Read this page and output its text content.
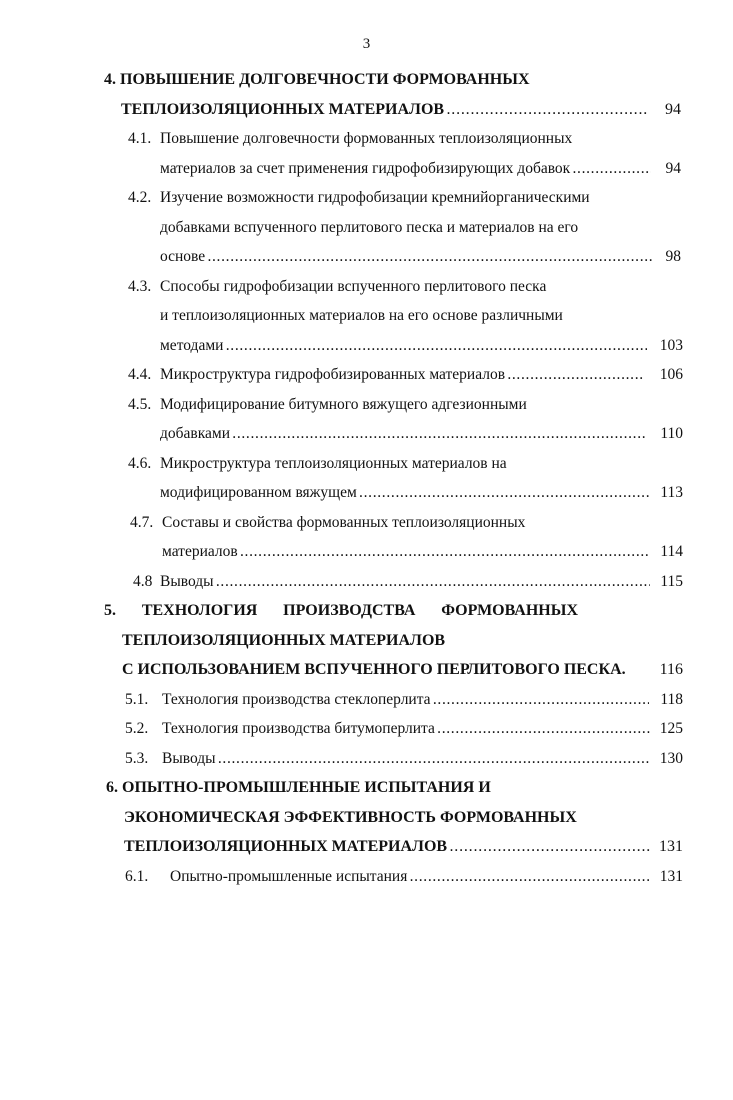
3
4. ПОВЫШЕНИЕ ДОЛГОВЕЧНОСТИ ФОРМОВАННЫХ
ТЕПЛОИЗОЛЯЦИОННЫХ МАТЕРИАЛОВ . . .	94
4.1. Повышение долговечности формованных теплоизоляционных
материалов за счет применения гидрофобизирующих добавок . . .	94
4.2. Изучение возможности гидрофобизации кремнийорганическими
добавками вспученного перлитового песка и материалов на его
основе . . .	98
4.3. Способы гидрофобизации вспученного перлитового песка
и теплоизоляционных материалов на его основе различными
методами . . .	103
4.4. Микроструктура гидрофобизированных материалов . . .	106
4.5. Модифицирование битумного вяжущего адгезионными
добавками . . .	110
4.6. Микроструктура теплоизоляционных материалов на
модифицированном вяжущем . . .	113
4.7. Составы и свойства формованных теплоизоляционных
материалов . . .	114
4.8 Выводы . . .	115
5. ТЕХНОЛОГИЯ ПРОИЗВОДСТВА ФОРМОВАННЫХ
ТЕПЛОИЗОЛЯЦИОННЫХ МАТЕРИАЛОВ
С ИСПОЛЬЗОВАНИЕМ ВСПУЧЕННОГО ПЕРЛИТОВОГО ПЕСКА.	116
5.1. Технология производства стеклоперлита . . .	118
5.2. Технология производства битумоперлита . . .	125
5.3. Выводы . . .	130
6. ОПЫТНО-ПРОМЫШЛЕННЫЕ ИСПЫТАНИЯ И
ЭКОНОМИЧЕСКАЯ ЭФФЕКТИВНОСТЬ ФОРМОВАННЫХ
ТЕПЛОИЗОЛЯЦИОННЫХ МАТЕРИАЛОВ . . .	131
6.1. Опытно-промышленные испытания . . .	131
